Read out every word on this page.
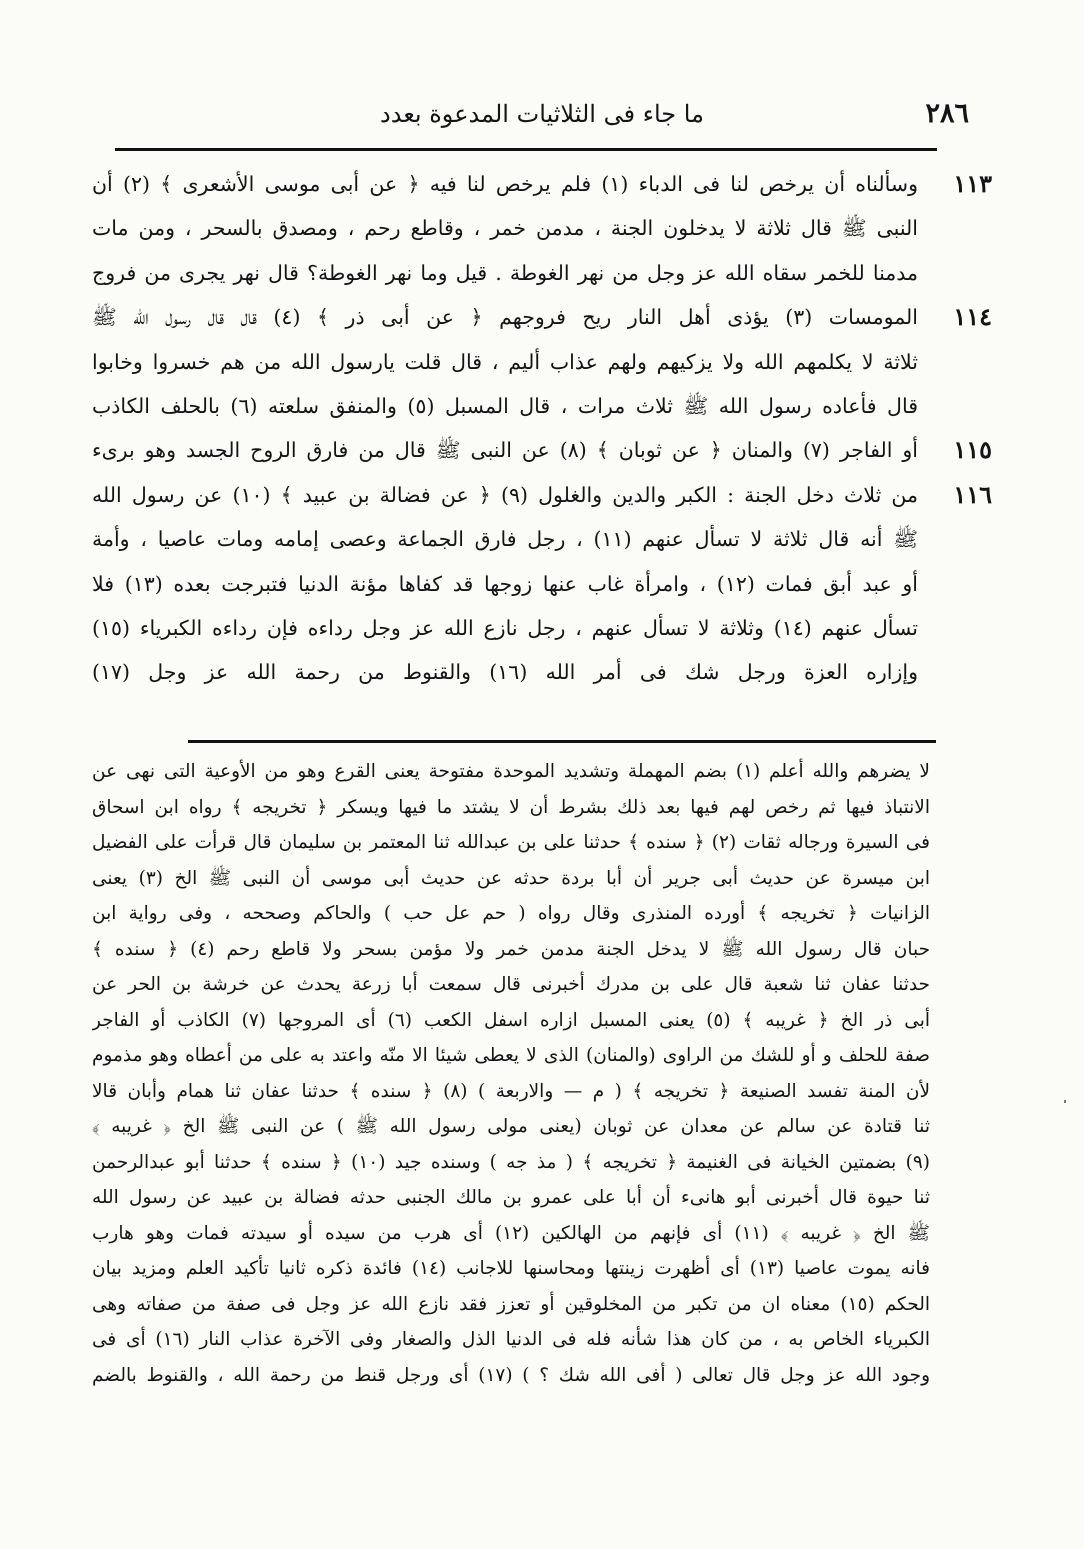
٢٨٦
ما جاء فى الثلاثيات المدعوة بعدد
١١٣
وسألناه أن يرخص لنا فى الدباء (١) فلم يرخص لنا فيه ﴿ عن أبى موسى الأشعرى ﴾ (٢) أن
النبى ﷺ قال ثلاثة لا يدخلون الجنة ، مدمن خمر ، وقاطع رحم ، ومصدق بالسحر ، ومن مات
مدمنا للخمر سقاه الله عز وجل من نهر الغوطة . قيل وما نهر الغوطة؟ قال نهر يجرى من فروج
١١٤
المومسات (٣) يؤذى أهل النار ريح فروجهم ﴿ عن أبى ذر ﴾ (٤) قال قال رسول الله ﷺ
ثلاثة لا يكلمهم الله ولا يزكيهم ولهم عذاب أليم ، قال قلت يارسول الله من هم خسروا وخابوا
قال فأعاده رسول الله ﷺ ثلاث مرات ، قال المسبل (٥) والمنفق سلعته (٦) بالحلف الكاذب
١١٥
أو الفاجر (٧) والمنان ﴿ عن ثوبان ﴾ (٨) عن النبى ﷺ قال من فارق الروح الجسد وهو برىء
١١٦
من ثلاث دخل الجنة : الكبر والدين والغلول (٩) ﴿ عن فضالة بن عبيد ﴾ (١٠) عن رسول الله
ﷺ أنه قال ثلاثة لا تسأل عنهم (١١) ، رجل فارق الجماعة وعصى إمامه ومات عاصيا ، وأمة
أو عبد أبق فمات (١٢) ، وامرأة غاب عنها زوجها قد كفاها مؤنة الدنيا فتبرجت بعده (١٣) فلا
تسأل عنهم (١٤) وثلاثة لا تسأل عنهم ، رجل نازع الله عز وجل رداءه فإن رداءه الكبرياء (١٥)
وإزاره العزة ورجل شك فى أمر الله (١٦) والقنوط من رحمة الله عز وجل (١٧)
لا يضرهم والله أعلم (١) بضم المهملة وتشديد الموحدة مفتوحة يعنى القرع وهو من الأوعية التى نهى عن
الانتباذ فيها ثم رخص لهم فيها بعد ذلك بشرط أن لا يشتد ما فيها ويسكر ﴿ تخريجه ﴾ رواه ابن اسحاق
فى السيرة ورجاله ثقات (٢) ﴿ سنده ﴾ حدثنا على بن عبدالله ثنا المعتمر بن سليمان قال قرأت على الفضيل
ابن ميسرة عن حديث أبى جرير أن أبا بردة حدثه عن حديث أبى موسى أن النبى ﷺ الخ (٣) يعنى
الزانيات ﴿ تخريجه ﴾ أورده المنذرى وقال رواه ( حم عل حب ) والحاكم وصححه ، وفى رواية ابن
حبان قال رسول الله ﷺ لا يدخل الجنة مدمن خمر ولا مؤمن بسحر ولا قاطع رحم (٤) ﴿ سنده ﴾
حدثنا عفان ثنا شعبة قال على بن مدرك أخبرنى قال سمعت أبا زرعة يحدث عن خرشة بن الحر عن
أبى ذر الخ ﴿ غريبه ﴾ (٥) يعنى المسبل ازاره اسفل الكعب (٦) أى المروجها (٧) الكاذب أو الفاجر
صفة للحلف و أو للشك من الراوى (والمنان) الذى لا يعطى شيئا الا منّه واعتد به على من أعطاه وهو مذموم
لأن المنة تفسد الصنيعة ﴿ تخريجه ﴾ ( م — والاربعة ) (٨) ﴿ سنده ﴾ حدثنا عفان ثنا همام وأبان قالا
ثنا قتادة عن سالم عن معدان عن ثوبان (يعنى مولى رسول الله ﷺ ) عن النبى ﷺ الخ ﴿ غريبه ﴾
(٩) بضمتين الخيانة فى الغنيمة ﴿ تخريجه ﴾ ( مذ جه ) وسنده جيد (١٠) ﴿ سنده ﴾ حدثنا أبو عبدالرحمن
ثنا حيوة قال أخبرنى أبو هانىء أن أبا على عمرو بن مالك الجنبى حدثه فضالة بن عبيد عن رسول الله
ﷺ الخ ﴿ غريبه ﴾ (١١) أى فإنهم من الهالكين (١٢) أى هرب من سيده أو سيدته فمات وهو هارب
فانه يموت عاصيا (١٣) أى أظهرت زينتها ومحاسنها للاجانب (١٤) فائدة ذكره ثانيا تأكيد العلم ومزيد بيان
الحكم (١٥) معناه ان من تكبر من المخلوقين أو تعزز فقد نازع الله عز وجل فى صفة من صفاته وهى
الكبرياء الخاص به ، من كان هذا شأنه فله فى الدنيا الذل والصغار وفى الآخرة عذاب النار (١٦) أى فى
وجود الله عز وجل قال تعالى ( أفى الله شك ؟ ) (١٧) أى ورجل قنط من رحمة الله ، والقنوط بالضم
